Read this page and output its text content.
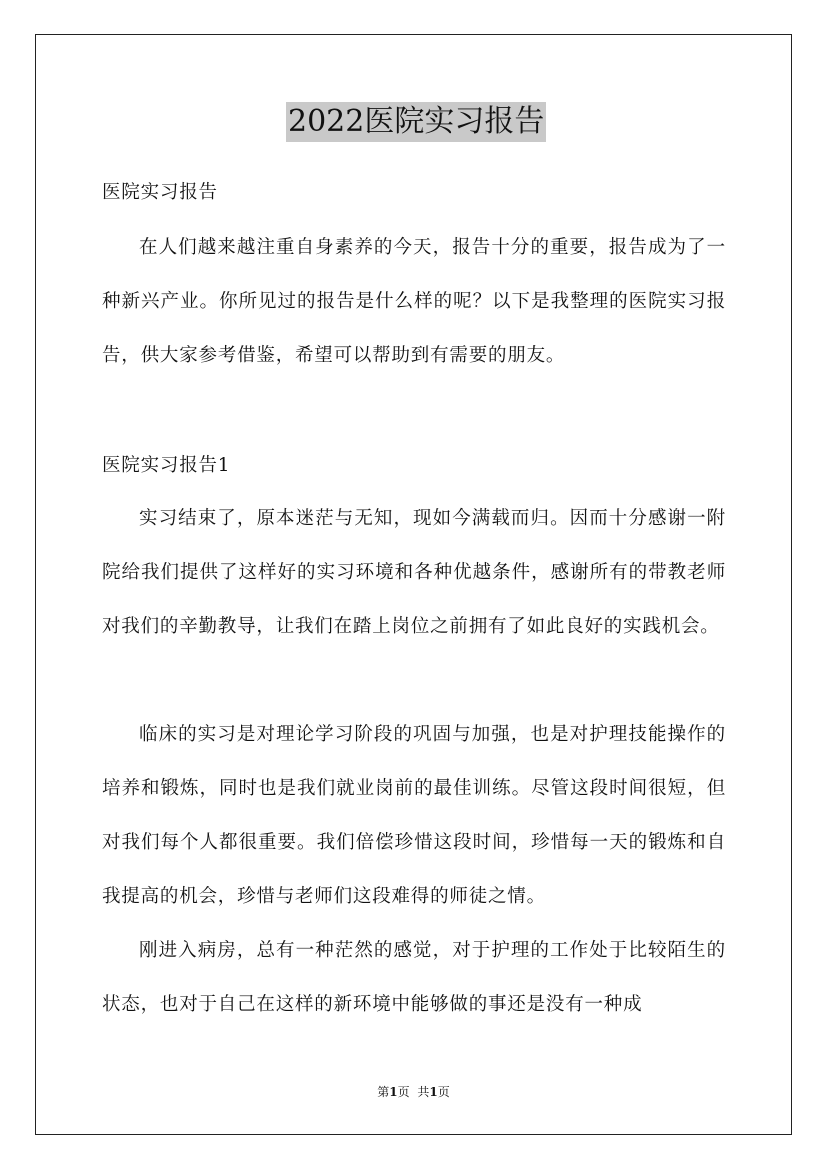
2022医院实习报告
医院实习报告
在人们越来越注重自身素养的今天，报告十分的重要，报告成为了一种新兴产业。你所见过的报告是什么样的呢？以下是我整理的医院实习报告，供大家参考借鉴，希望可以帮助到有需要的朋友。
医院实习报告1
实习结束了，原本迷茫与无知，现如今满载而归。因而十分感谢一附院给我们提供了这样好的实习环境和各种优越条件，感谢所有的带教老师对我们的辛勤教导，让我们在踏上岗位之前拥有了如此良好的实践机会。
临床的实习是对理论学习阶段的巩固与加强，也是对护理技能操作的培养和锻炼，同时也是我们就业岗前的最佳训练。尽管这段时间很短，但对我们每个人都很重要。我们倍偿珍惜这段时间，珍惜每一天的锻炼和自我提高的机会，珍惜与老师们这段难得的师徒之情。
刚进入病房，总有一种茫然的感觉，对于护理的工作处于比较陌生的状态，也对于自己在这样的新环境中能够做的事还是没有一种成
第1页 共1页
